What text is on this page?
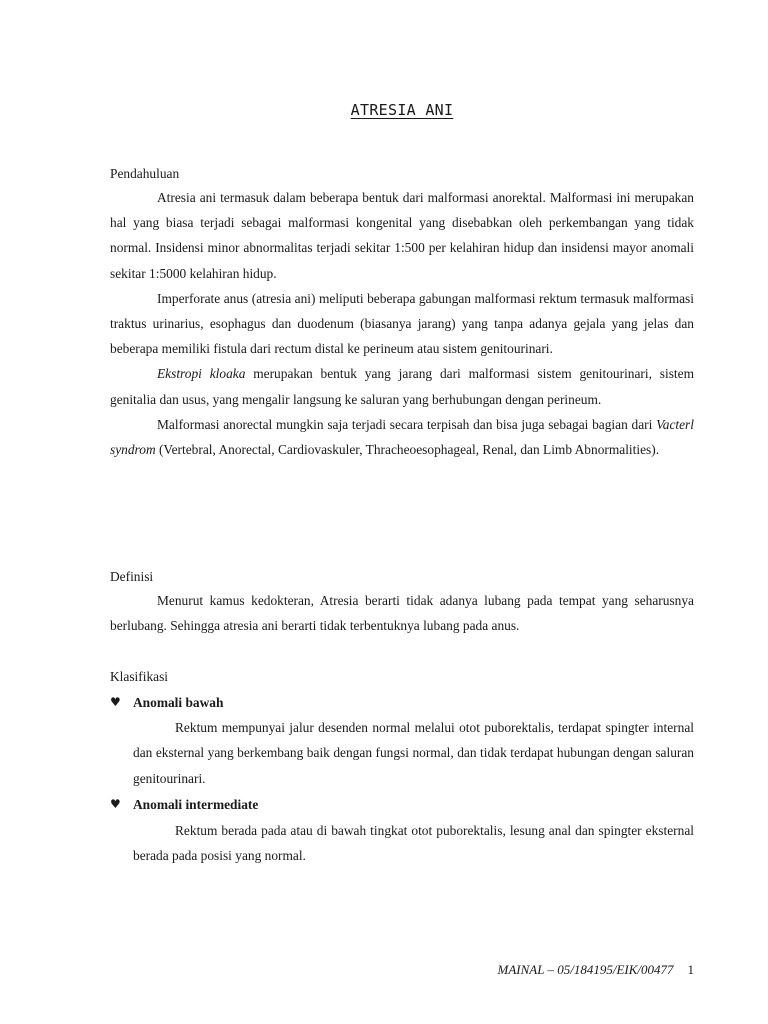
ATRESIA ANI
Pendahuluan

Atresia ani termasuk dalam beberapa bentuk dari malformasi anorektal. Malformasi ini merupakan hal yang biasa terjadi sebagai malformasi kongenital yang disebabkan oleh perkembangan yang tidak normal. Insidensi minor abnormalitas terjadi sekitar 1:500 per kelahiran hidup dan insidensi mayor anomali sekitar 1:5000 kelahiran hidup.

Imperforate anus (atresia ani) meliputi beberapa gabungan malformasi rektum termasuk malformasi traktus urinarius, esophagus dan duodenum (biasanya jarang) yang tanpa adanya gejala yang jelas dan beberapa memiliki fistula dari rectum distal ke perineum atau sistem genitourinari.

Ekstropi kloaka merupakan bentuk yang jarang dari malformasi sistem genitourinari, sistem genitalia dan usus, yang mengalir langsung ke saluran yang berhubungan dengan perineum.

Malformasi anorectal mungkin saja terjadi secara terpisah dan bisa juga sebagai bagian dari Vacterl syndrom (Vertebral, Anorectal, Cardiovaskuler, Thracheoesophageal, Renal, dan Limb Abnormalities).

Definisi

Menurut kamus kedokteran, Atresia berarti tidak adanya lubang pada tempat yang seharusnya berlubang. Sehingga atresia ani berarti tidak terbentuknya lubang pada anus.

Klasifikasi
♥ Anomali bawah

Rektum mempunyai jalur desenden normal melalui otot puborektalis, terdapat spingter internal dan eksternal yang berkembang baik dengan fungsi normal, dan tidak terdapat hubungan dengan saluran genitourinari.

♥ Anomali intermediate

Rektum berada pada atau di bawah tingkat otot puborektalis, lesung anal dan spingter eksternal berada pada posisi yang normal.

MAINAL – 05/184195/EIK/00477 1
